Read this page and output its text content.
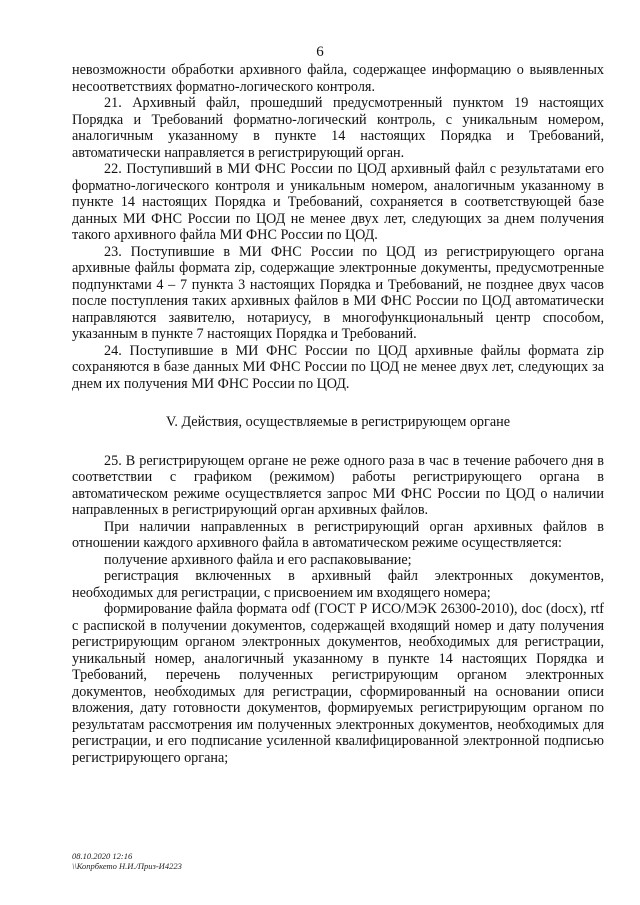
6

невозможности обработки архивного файла, содержащее информацию о выявленных несоответствиях форматно-логического контроля.

21. Архивный файл, прошедший предусмотренный пунктом 19 настоящих Порядка и Требований форматно-логический контроль, с уникальным номером, аналогичным указанному в пункте 14 настоящих Порядка и Требований, автоматически направляется в регистрирующий орган.

22. Поступивший в МИ ФНС России по ЦОД архивный файл с результатами его форматно-логического контроля и уникальным номером, аналогичным указанному в пункте 14 настоящих Порядка и Требований, сохраняется в соответствующей базе данных МИ ФНС России по ЦОД не менее двух лет, следующих за днем получения такого архивного файла МИ ФНС России по ЦОД.

23. Поступившие в МИ ФНС России по ЦОД из регистрирующего органа архивные файлы формата zip, содержащие электронные документы, предусмотренные подпунктами 4 – 7 пункта 3 настоящих Порядка и Требований, не позднее двух часов после поступления таких архивных файлов в МИ ФНС России по ЦОД автоматически направляются заявителю, нотариусу, в многофункциональный центр способом, указанным в пункте 7 настоящих Порядка и Требований.

24. Поступившие в МИ ФНС России по ЦОД архивные файлы формата zip сохраняются в базе данных МИ ФНС России по ЦОД не менее двух лет, следующих за днем их получения МИ ФНС России по ЦОД.

V. Действия, осуществляемые в регистрирующем органе

25. В регистрирующем органе не реже одного раза в час в течение рабочего дня в соответствии с графиком (режимом) работы регистрирующего органа в автоматическом режиме осуществляется запрос МИ ФНС России по ЦОД о наличии направленных в регистрирующий орган архивных файлов.

При наличии направленных в регистрирующий орган архивных файлов в отношении каждого архивного файла в автоматическом режиме осуществляется:

получение архивного файла и его распаковывание;

регистрация включенных в архивный файл электронных документов, необходимых для регистрации, с присвоением им входящего номера;

формирование файла формата odf (ГОСТ Р ИСО/МЭК 26300-2010), doc (docx), rtf с распиской в получении документов, содержащей входящий номер и дату получения регистрирующим органом электронных документов, необходимых для регистрации, уникальный номер, аналогичный указанному в пункте 14 настоящих Порядка и Требований, перечень полученных регистрирующим органом электронных документов, необходимых для регистрации, сформированный на основании описи вложения, дату готовности документов, формируемых регистрирующим органом по результатам рассмотрения им полученных электронных документов, необходимых для регистрации, и его подписание усиленной квалифицированной электронной подписью регистрирующего органа;

08.10.2020 12:16
\\Копрбкето Н.И./Приз-И4223
